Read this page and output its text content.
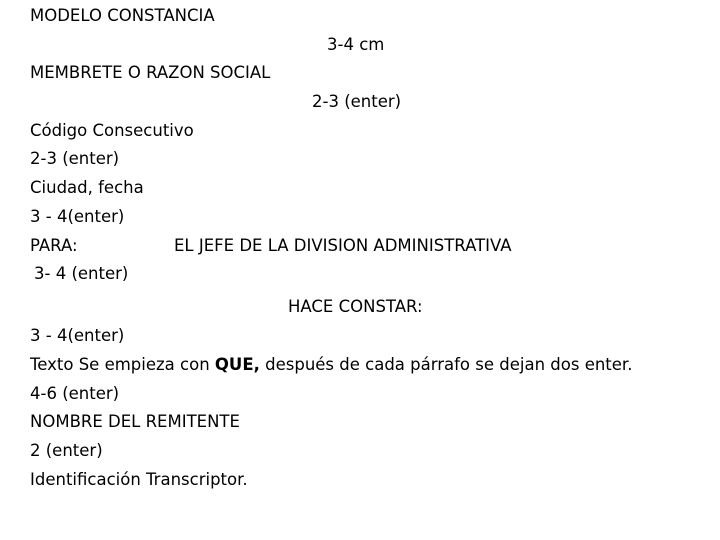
MODELO CONSTANCIA
3-4 cm
MEMBRETE O RAZON SOCIAL
2-3 (enter)
Código Consecutivo
2-3 (enter)
Ciudad, fecha
3 - 4(enter)
PARA:	EL JEFE DE LA DIVISION ADMINISTRATIVA
3- 4 (enter)
HACE CONSTAR:
3 - 4(enter)
Texto Se empieza con QUE, después de cada párrafo se dejan dos enter.
4-6 (enter)
NOMBRE DEL REMITENTE
2 (enter)
Identificación Transcriptor.
